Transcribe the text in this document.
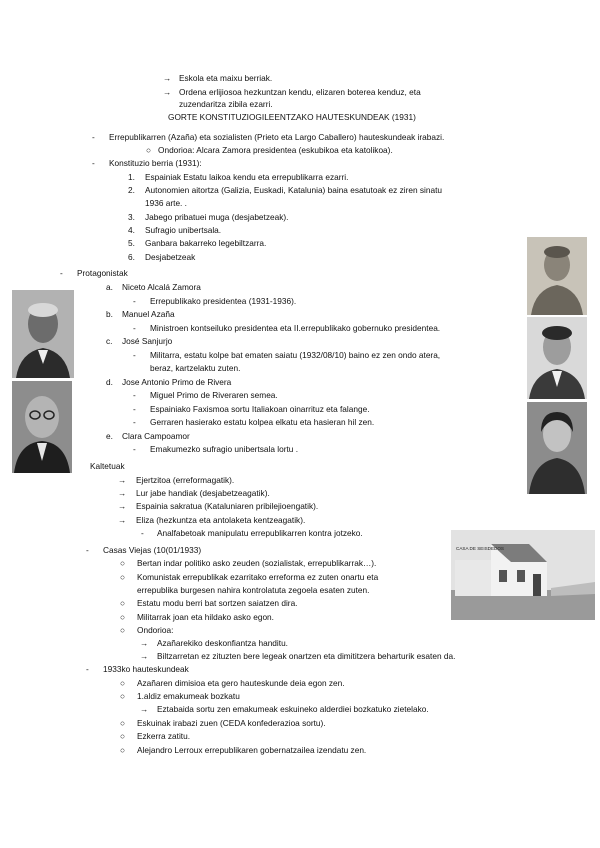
→ Eskola eta maixu berriak.
→ Ordena erlijiosoa hezkuntzan kendu, elizaren boterea kenduz, eta
zuzendaritza zibila ezarri.
GORTE KONSTITUZIOGILEENTZAKO HAUTESKUNDEAK (1931)
- Errepublikarren (Azaña) eta sozialisten (Prieto eta Largo Caballero) hauteskundeak irabazi.
○ Ondorioa: Alcara Zamora presidentea (eskubikoa eta katolikoa).
- Konstituzio berria (1931):
1. Espainiak Estatu laikoa kendu eta errepublikarra ezarri.
2. Autonomien aitortza (Galizia, Euskadi, Katalunia) baina esatutoak ez ziren sinatu
1936 arte. .
3. Jabego pribatuei muga (desjabetzeak).
4. Sufragio unibertsala.
5. Ganbara bakarreko legebiltzarra.
6. Desjabetzeak
- Protagonistak
a. Niceto Alcalá Zamora
- Errepublikako presidentea (1931-1936).
b. Manuel Azaña
- Ministroen kontseiluko presidentea eta II.errepublikako gobernuko presidentea.
c. José Sanjurjo
- Militarra, estatu kolpe bat ematen saiatu (1932/08/10) baino ez zen ondo atera,
beraz, kartzelaktu zuten.
d. Jose Antonio Primo de Rivera
- Miguel Primo de Riveraren semea.
- Espainiako Faxismoa sortu Italiakoan oinarrituz eta falange.
- Gerraren hasierako estatu kolpea elkatu eta hasieran hil zen.
e. Clara Campoamor
- Emakumezko sufragio unibertsala lortu .
Kaltetuak
→ Ejertzitoa (erreformagatik).
→ Lur jabe handiak (desjabetzeagatik).
→ Espainia sakratua (Kataluniaren pribilejioengatik).
→ Eliza (hezkuntza eta antolaketa kentzeagatik).
- Analfabetoak manipulatu errepublikarren kontra jotzeko.
- Casas Viejas (10(01/1933)
○ Bertan indar politiko asko zeuden (sozialistak, errepublikarrak…).
○ Komunistak errepublikak ezarritako erreforma ez zuten onartu eta
errepublika burgesen nahira kontrolatuta zegoela esaten zuten.
○ Estatu modu berri bat sortzen saiatzen dira.
○ Militarrak joan eta hildako asko egon.
○ Ondorioa:
→ Azañarekiko deskonfiantza handitu.
→ Biltzarretan ez zituzten bere legeak onartzen eta dimititzera beharturik esaten da.
- 1933ko hauteskundeak
○ Azañaren dimisioa eta gero hauteskunde deia egon zen.
○ 1.aldiz emakumeak bozkatu
→ Eztabaida sortu zen emakumeak eskuineko alderdiei bozkatuko zietelako.
○ Eskuinak irabazi zuen (CEDA konfederazioa sortu).
○ Ezkerra zatitu.
○ Alejandro Lerroux errepublikaren gobernatzailea izendatu zen.
CASA DE SEISDEDOS
